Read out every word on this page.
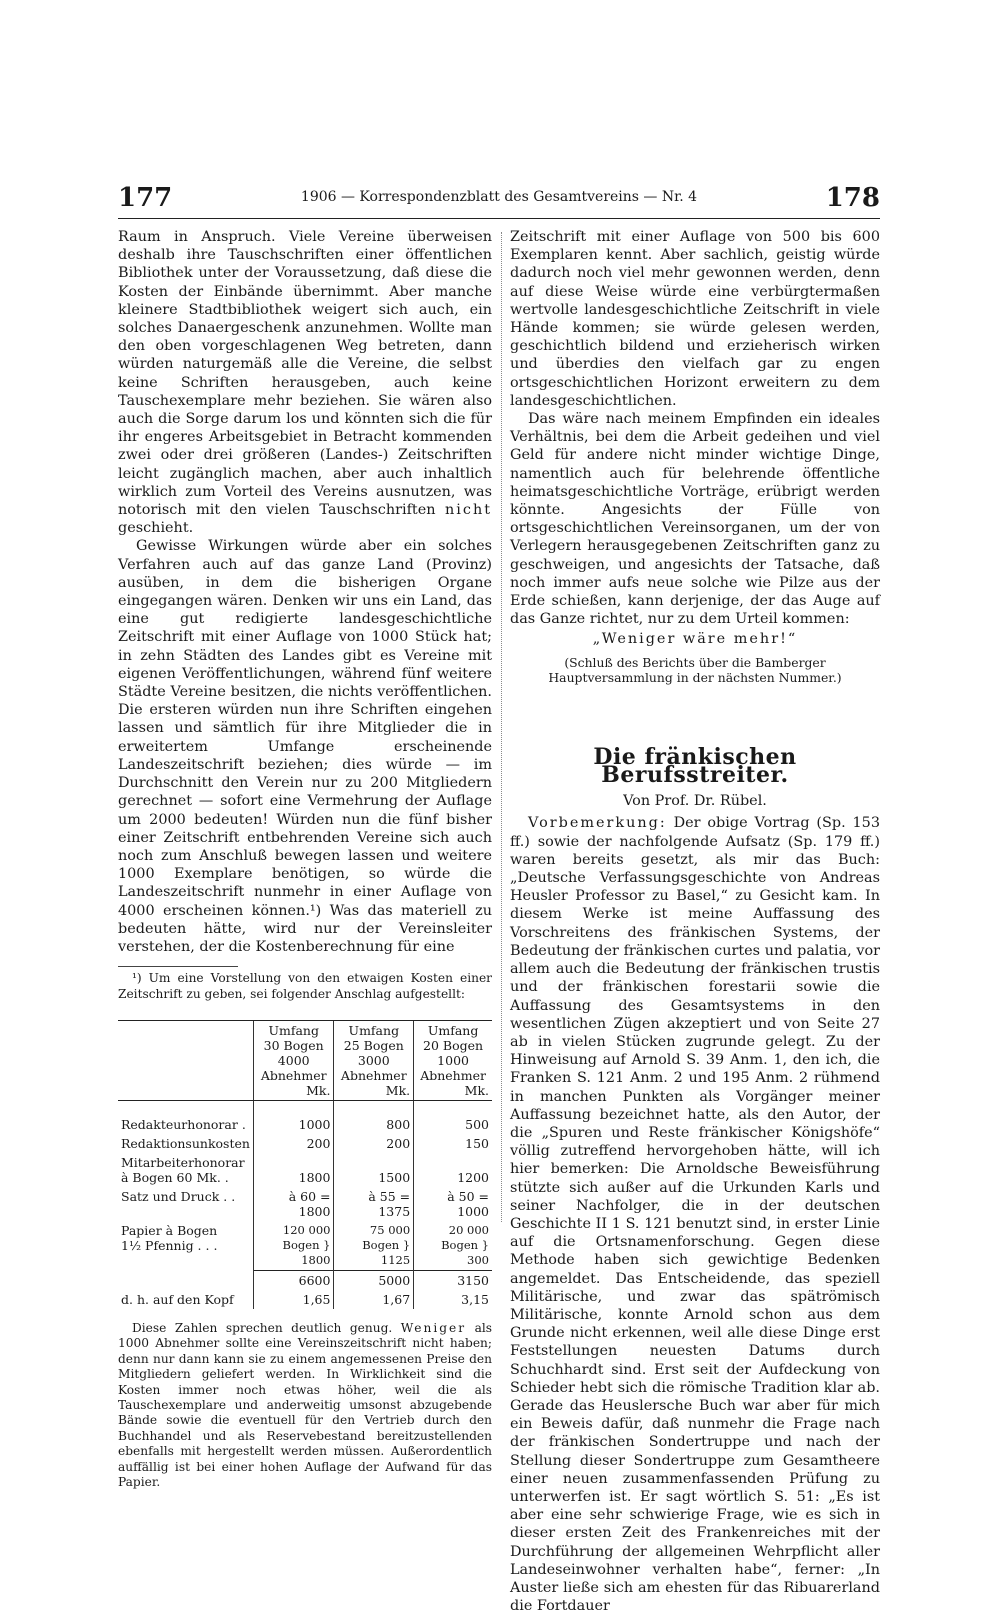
177	1906 — Korrespondenzblatt des Gesamtvereins — Nr. 4	178

Raum in Anspruch. Viele Vereine überweisen deshalb ihre Tauschschriften einer öffentlichen Bibliothek unter der Voraussetzung, daß diese die Kosten der Einbände übernimmt. Aber manche kleinere Stadtbibliothek weigert sich auch, ein solches Danaergeschenk anzunehmen. Wollte man den oben vorgeschlagenen Weg betreten, dann würden naturgemäß alle die Vereine, die selbst keine Schriften herausgeben, auch keine Tauschexemplare mehr beziehen. Sie wären also auch die Sorge darum los und könnten sich die für ihr engeres Arbeitsgebiet in Betracht kommenden zwei oder drei größeren (Landes-) Zeitschriften leicht zugänglich machen, aber auch inhaltlich wirklich zum Vorteil des Vereins ausnutzen, was notorisch mit den vielen Tauschschriften nicht geschieht.

Gewisse Wirkungen würde aber ein solches Verfahren auch auf das ganze Land (Provinz) ausüben, in dem die bisherigen Organe eingegangen wären. Denken wir uns ein Land, das eine gut redigierte landesgeschichtliche Zeitschrift mit einer Auflage von 1000 Stück hat; in zehn Städten des Landes gibt es Vereine mit eigenen Veröffentlichungen, während fünf weitere Städte Vereine besitzen, die nichts veröffentlichen. Die ersteren würden nun ihre Schriften eingehen lassen und sämtlich für ihre Mitglieder die in erweitertem Umfange erscheinende Landeszeitschrift beziehen; dies würde — im Durchschnitt den Verein nur zu 200 Mitgliedern gerechnet — sofort eine Vermehrung der Auflage um 2000 bedeuten! Würden nun die fünf bisher einer Zeitschrift entbehrenden Vereine sich auch noch zum Anschluß bewegen lassen und weitere 1000 Exemplare benötigen, so würde die Landeszeitschrift nunmehr in einer Auflage von 4000 erscheinen können.¹) Was das materiell zu bedeuten hätte, wird nur der Vereinsleiter verstehen, der die Kostenberechnung für eine

¹) Um eine Vorstellung von den etwaigen Kosten einer Zeitschrift zu geben, sei folgender Anschlag aufgestellt:

	Umfang
30 Bogen
4000
Abnehmer
Mk.	Umfang
25 Bogen
3000
Abnehmer
Mk.	Umfang
20 Bogen
1000
Abnehmer
Mk.

Redakteurhonorar .	1000	800	500
Redaktionsunkosten	200	200	150

Mitarbeiterhonorar
à Bogen 60 Mk. .	1800	1500	1200
Satz und Druck . .	à 60 = 1800	à 55 = 1375	à 50 = 1000

Papier à Bogen
1½ Pfennig . . .	120 000 Bogen } 1800	75 000 Bogen } 1125	20 000 Bogen } 300
	6600	5000	3150
d. h. auf den Kopf	1,65	1,67	3,15

Diese Zahlen sprechen deutlich genug. Weniger als 1000 Abnehmer sollte eine Vereinszeitschrift nicht haben; denn nur dann kann sie zu einem angemessenen Preise den Mitgliedern geliefert werden. In Wirklichkeit sind die Kosten immer noch etwas höher, weil die als Tauschexemplare und anderweitig umsonst abzugebende Bände sowie die eventuell für den Vertrieb durch den Buchhandel und als Reservebestand bereitzustellenden ebenfalls mit hergestellt werden müssen. Außerordentlich auffällig ist bei einer hohen Auflage der Aufwand für das Papier.

Zeitschrift mit einer Auflage von 500 bis 600 Exemplaren kennt. Aber sachlich, geistig würde dadurch noch viel mehr gewonnen werden, denn auf diese Weise würde eine verbürgtermaßen wertvolle landesgeschichtliche Zeitschrift in viele Hände kommen; sie würde gelesen werden, geschichtlich bildend und erzieherisch wirken und überdies den vielfach gar zu engen ortsgeschichtlichen Horizont erweitern zu dem landesgeschichtlichen.

Das wäre nach meinem Empfinden ein ideales Verhältnis, bei dem die Arbeit gedeihen und viel Geld für andere nicht minder wichtige Dinge, namentlich auch für belehrende öffentliche heimatsgeschichtliche Vorträge, erübrigt werden könnte. Angesichts der Fülle von ortsgeschichtlichen Vereinsorganen, um der von Verlegern herausgegebenen Zeitschriften ganz zu geschweigen, und angesichts der Tatsache, daß noch immer aufs neue solche wie Pilze aus der Erde schießen, kann derjenige, der das Auge auf das Ganze richtet, nur zu dem Urteil kommen:

„Weniger wäre mehr!“
(Schluß des Berichts über die Bamberger Hauptversammlung in der nächsten Nummer.)
Die fränkischen Berufsstreiter.
Von Prof. Dr. Rübel.

Vorbemerkung: Der obige Vortrag (Sp. 153 ff.) sowie der nachfolgende Aufsatz (Sp. 179 ff.) waren bereits gesetzt, als mir das Buch: „Deutsche Verfassungsgeschichte von Andreas Heusler Professor zu Basel,“ zu Gesicht kam. In diesem Werke ist meine Auffassung des Vorschreitens des fränkischen Systems, der Bedeutung der fränkischen curtes und palatia, vor allem auch die Bedeutung der fränkischen trustis und der fränkischen forestarii sowie die Auffassung des Gesamtsystems in den wesentlichen Zügen akzeptiert und von Seite 27 ab in vielen Stücken zugrunde gelegt. Zu der Hinweisung auf Arnold S. 39 Anm. 1, den ich, die Franken S. 121 Anm. 2 und 195 Anm. 2 rühmend in manchen Punkten als Vorgänger meiner Auffassung bezeichnet hatte, als den Autor, der die „Spuren und Reste fränkischer Königshöfe“ völlig zutreffend hervorgehoben hätte, will ich hier bemerken: Die Arnoldsche Beweisführung stützte sich außer auf die Urkunden Karls und seiner Nachfolger, die in der deutschen Geschichte II 1 S. 121 benutzt sind, in erster Linie auf die Ortsnamenforschung. Gegen diese Methode haben sich gewichtige Bedenken angemeldet. Das Entscheidende, das speziell Militärische, und zwar das spätrömisch Militärische, konnte Arnold schon aus dem Grunde nicht erkennen, weil alle diese Dinge erst Feststellungen neuesten Datums durch Schuchhardt sind. Erst seit der Aufdeckung von Schieder hebt sich die römische Tradition klar ab. Gerade das Heuslersche Buch war aber für mich ein Beweis dafür, daß nunmehr die Frage nach der fränkischen Sondertruppe und nach der Stellung dieser Sondertruppe zum Gesamtheere einer neuen zusammenfassenden Prüfung zu unterwerfen ist. Er sagt wörtlich S. 51: „Es ist aber eine sehr schwierige Frage, wie es sich in dieser ersten Zeit des Frankenreiches mit der Durchführung der allgemeinen Wehrpflicht aller Landeseinwohner verhalten habe“, ferner: „In Auster ließe sich am ehesten für das Ribuarerland die Fortdauer
